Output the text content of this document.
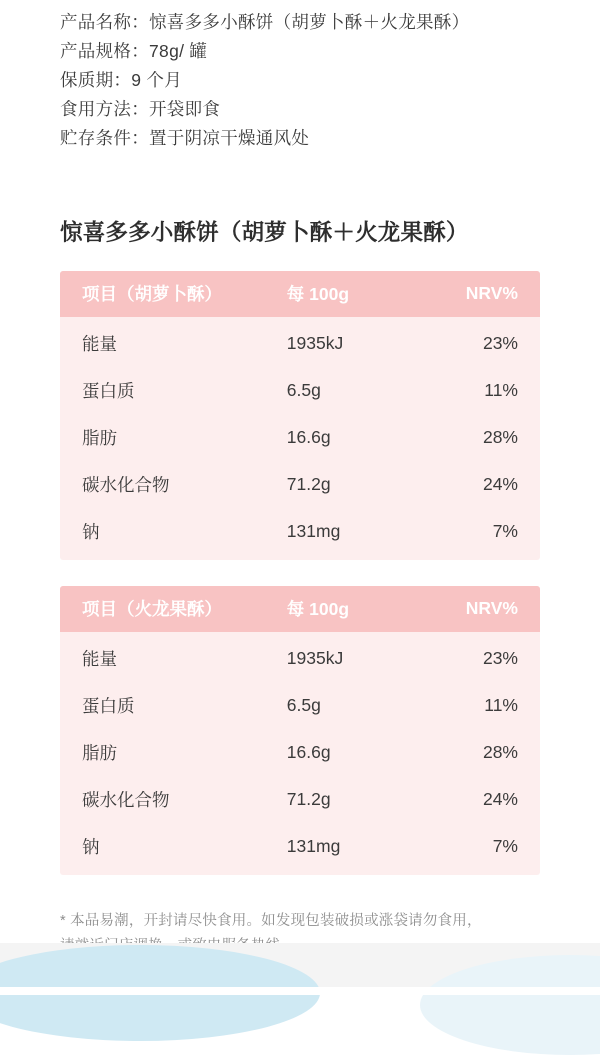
产品名称：惊喜多多小酥饼（胡萝卜酥＋火龙果酥）
产品规格：78g/ 罐
保质期：9 个月
食用方法：开袋即食
贮存条件：置于阴凉干燥通风处
惊喜多多小酥饼（胡萝卜酥＋火龙果酥）
项目（胡萝卜酥）	每 100g	NRV%
能量	1935kJ	23%
蛋白质	6.5g	11%
脂肪	16.6g	28%
碳水化合物	71.2g	24%
钠	131mg	7%
项目（火龙果酥）	每 100g	NRV%
能量	1935kJ	23%
蛋白质	6.5g	11%
脂肪	16.6g	28%
碳水化合物	71.2g	24%
钠	131mg	7%
* 本品易潮，开封请尽快食用。如发现包装破损或涨袋请勿食用，
